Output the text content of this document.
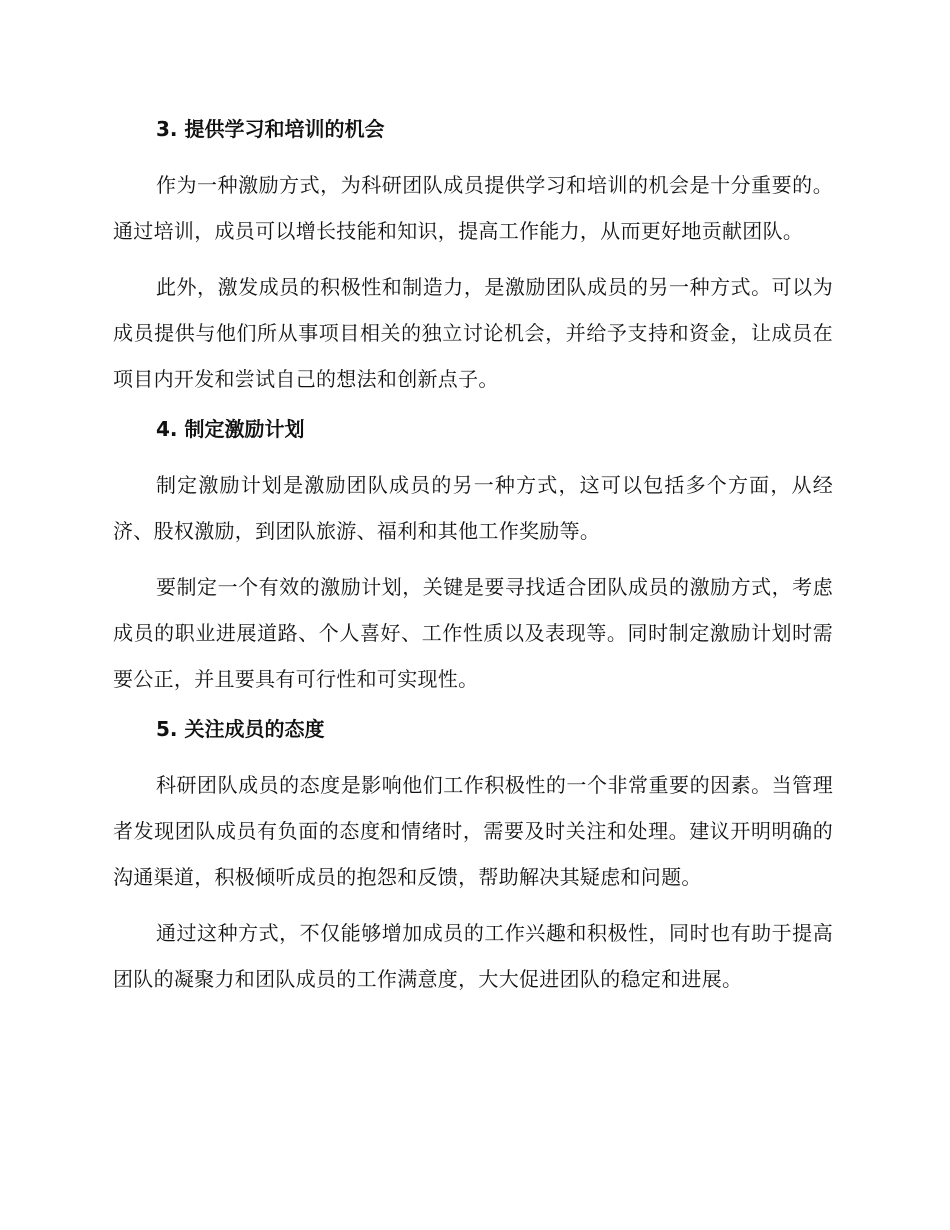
3. 提供学习和培训的机会

作为一种激励方式，为科研团队成员提供学习和培训的机会是十分重要的。通过培训，成员可以增长技能和知识，提高工作能力，从而更好地贡献团队。

此外，激发成员的积极性和制造力，是激励团队成员的另一种方式。可以为成员提供与他们所从事项目相关的独立讨论机会，并给予支持和资金，让成员在项目内开发和尝试自己的想法和创新点子。

4. 制定激励计划

制定激励计划是激励团队成员的另一种方式，这可以包括多个方面，从经济、股权激励，到团队旅游、福利和其他工作奖励等。

要制定一个有效的激励计划，关键是要寻找适合团队成员的激励方式，考虑成员的职业进展道路、个人喜好、工作性质以及表现等。同时制定激励计划时需要公正，并且要具有可行性和可实现性。

5. 关注成员的态度

科研团队成员的态度是影响他们工作积极性的一个非常重要的因素。当管理者发现团队成员有负面的态度和情绪时，需要及时关注和处理。建议开明明确的沟通渠道，积极倾听成员的抱怨和反馈，帮助解决其疑虑和问题。

通过这种方式，不仅能够增加成员的工作兴趣和积极性，同时也有助于提高团队的凝聚力和团队成员的工作满意度，大大促进团队的稳定和进展。
